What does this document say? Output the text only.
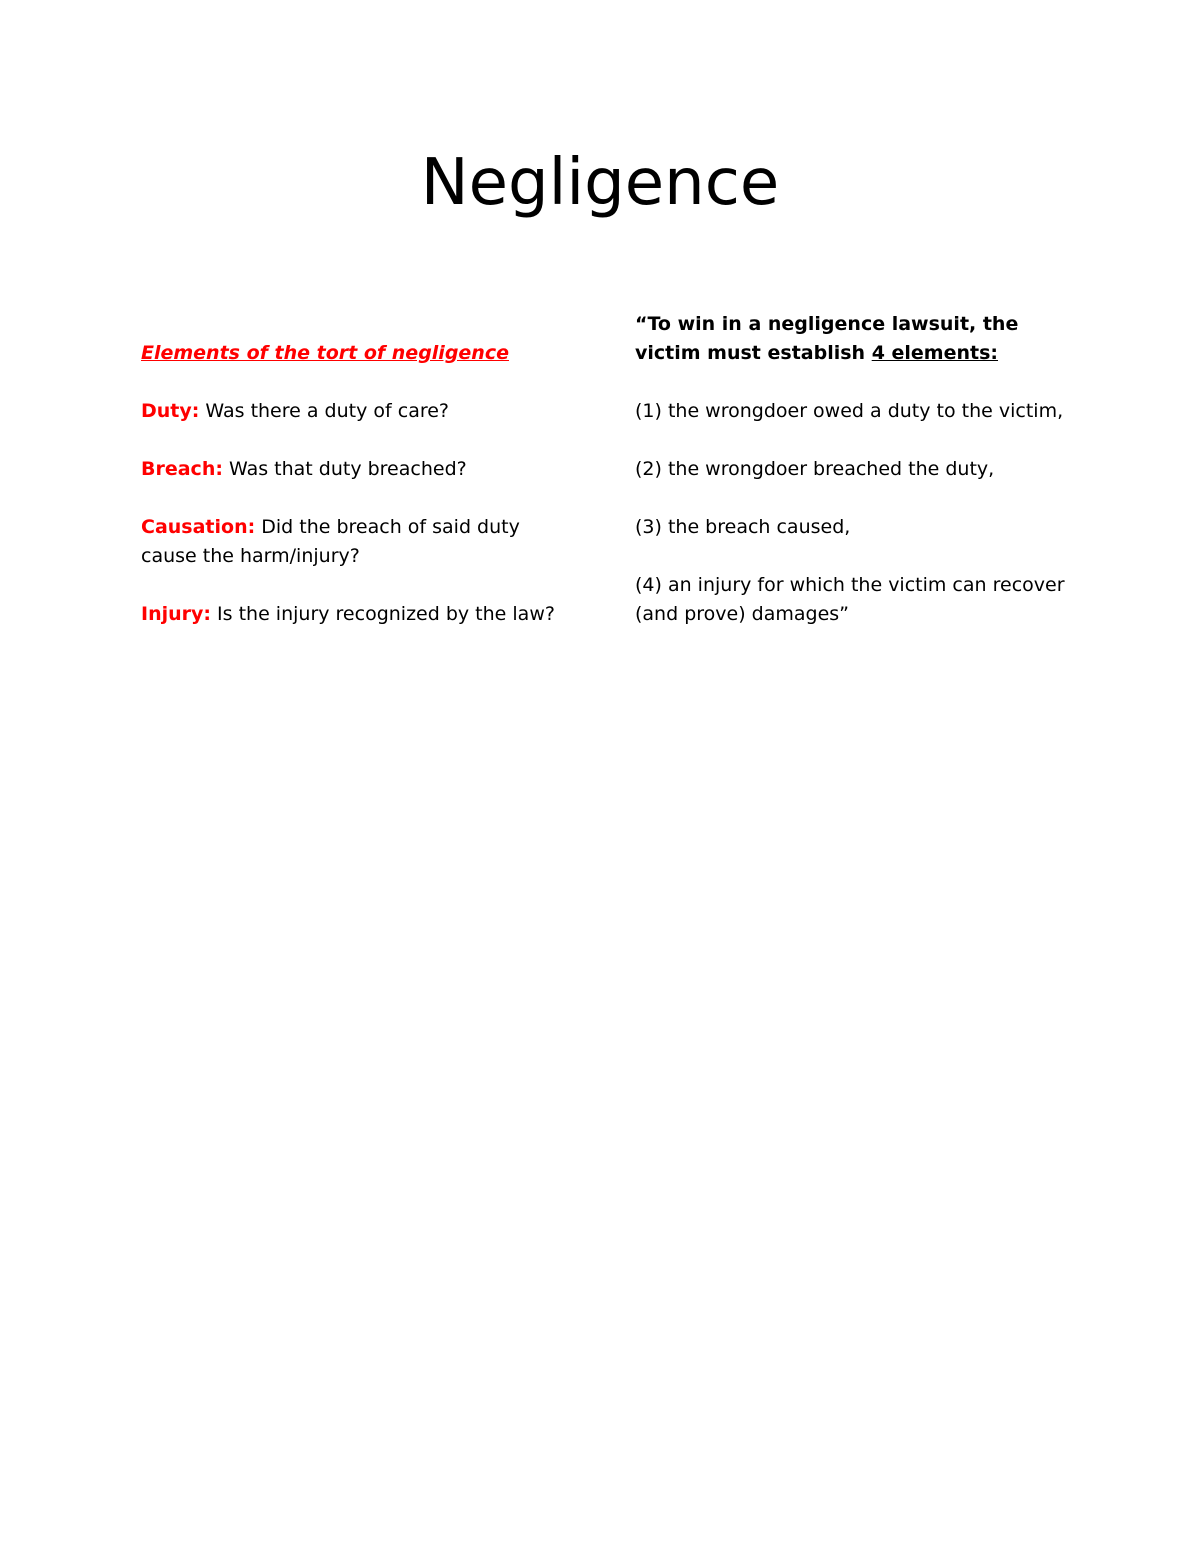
Negligence

Elements of the tort of negligence

Duty: Was there a duty of care?

Breach: Was that duty breached?

Causation: Did the breach of said duty cause the harm/injury?

Injury: Is the injury recognized by the law?

“To win in a negligence lawsuit, the victim must establish 4 elements:

(1) the wrongdoer owed a duty to the victim,

(2) the wrongdoer breached the duty,

(3) the breach caused,

(4) an injury for which the victim can recover (and prove) damages”
